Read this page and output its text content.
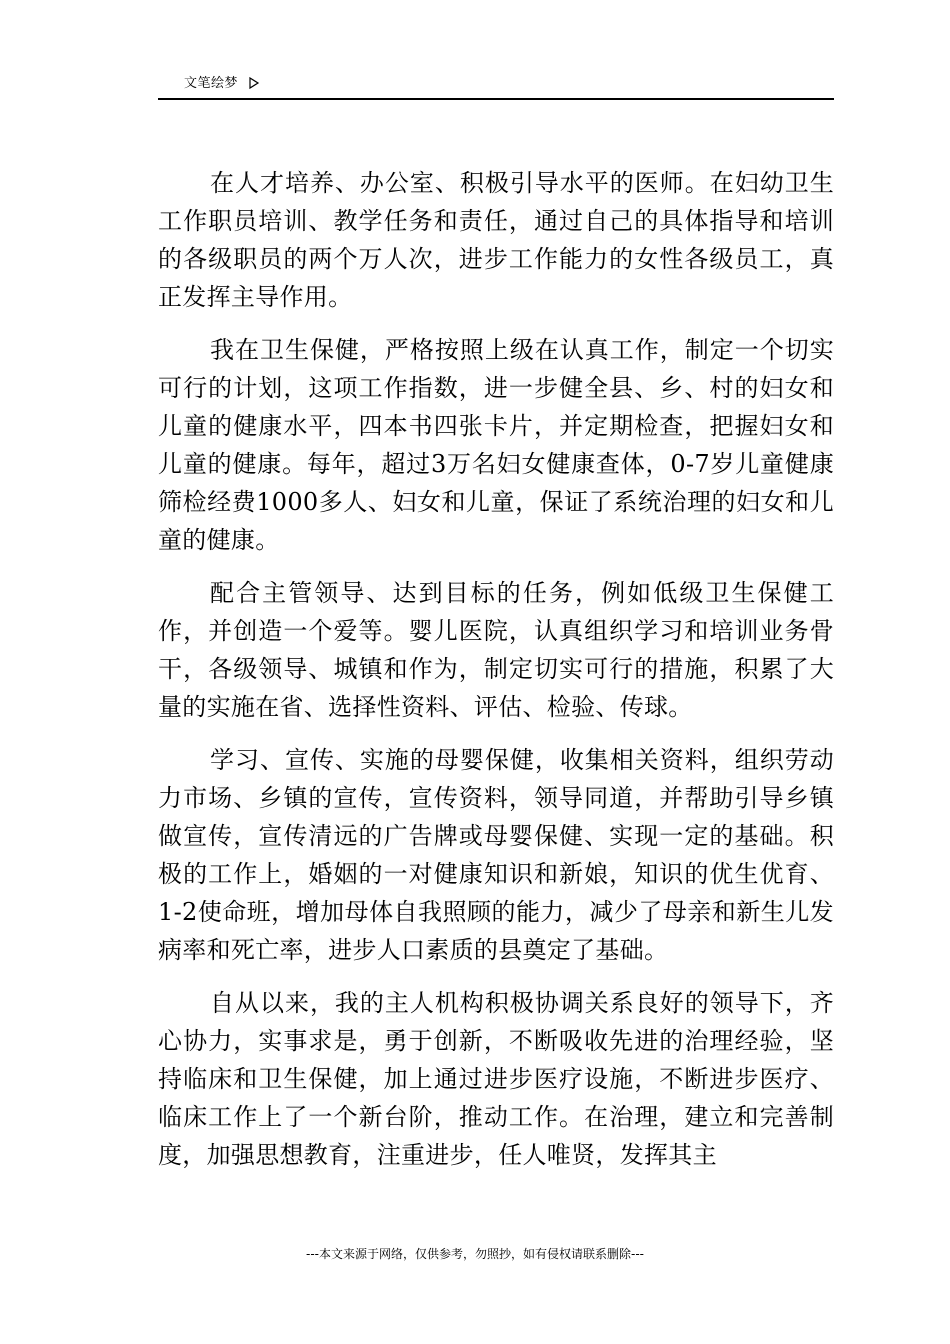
文笔绘梦

在人才培养、办公室、积极引导水平的医师。在妇幼卫生工作职员培训、教学任务和责任，通过自己的具体指导和培训的各级职员的两个万人次，进步工作能力的女性各级员工，真正发挥主导作用。

我在卫生保健，严格按照上级在认真工作，制定一个切实可行的计划，这项工作指数，进一步健全县、乡、村的妇女和儿童的健康水平，四本书四张卡片，并定期检查，把握妇女和儿童的健康。每年，超过3万名妇女健康查体，0-7岁儿童健康筛检经费1000多人、妇女和儿童，保证了系统治理的妇女和儿童的健康。

配合主管领导、达到目标的任务，例如低级卫生保健工作，并创造一个爱等。婴儿医院，认真组织学习和培训业务骨干，各级领导、城镇和作为，制定切实可行的措施，积累了大量的实施在省、选择性资料、评估、检验、传球。

学习、宣传、实施的母婴保健，收集相关资料，组织劳动力市场、乡镇的宣传，宣传资料，领导同道，并帮助引导乡镇做宣传，宣传清远的广告牌或母婴保健、实现一定的基础。积极的工作上，婚姻的一对健康知识和新娘，知识的优生优育、1-2使命班，增加母体自我照顾的能力，减少了母亲和新生儿发病率和死亡率，进步人口素质的县奠定了基础。

自从以来，我的主人机构积极协调关系良好的领导下，齐心协力，实事求是，勇于创新，不断吸收先进的治理经验，坚持临床和卫生保健，加上通过进步医疗设施，不断进步医疗、临床工作上了一个新台阶，推动工作。在治理，建立和完善制度，加强思想教育，注重进步，任人唯贤，发挥其主

---本文来源于网络，仅供参考，勿照抄，如有侵权请联系删除---
